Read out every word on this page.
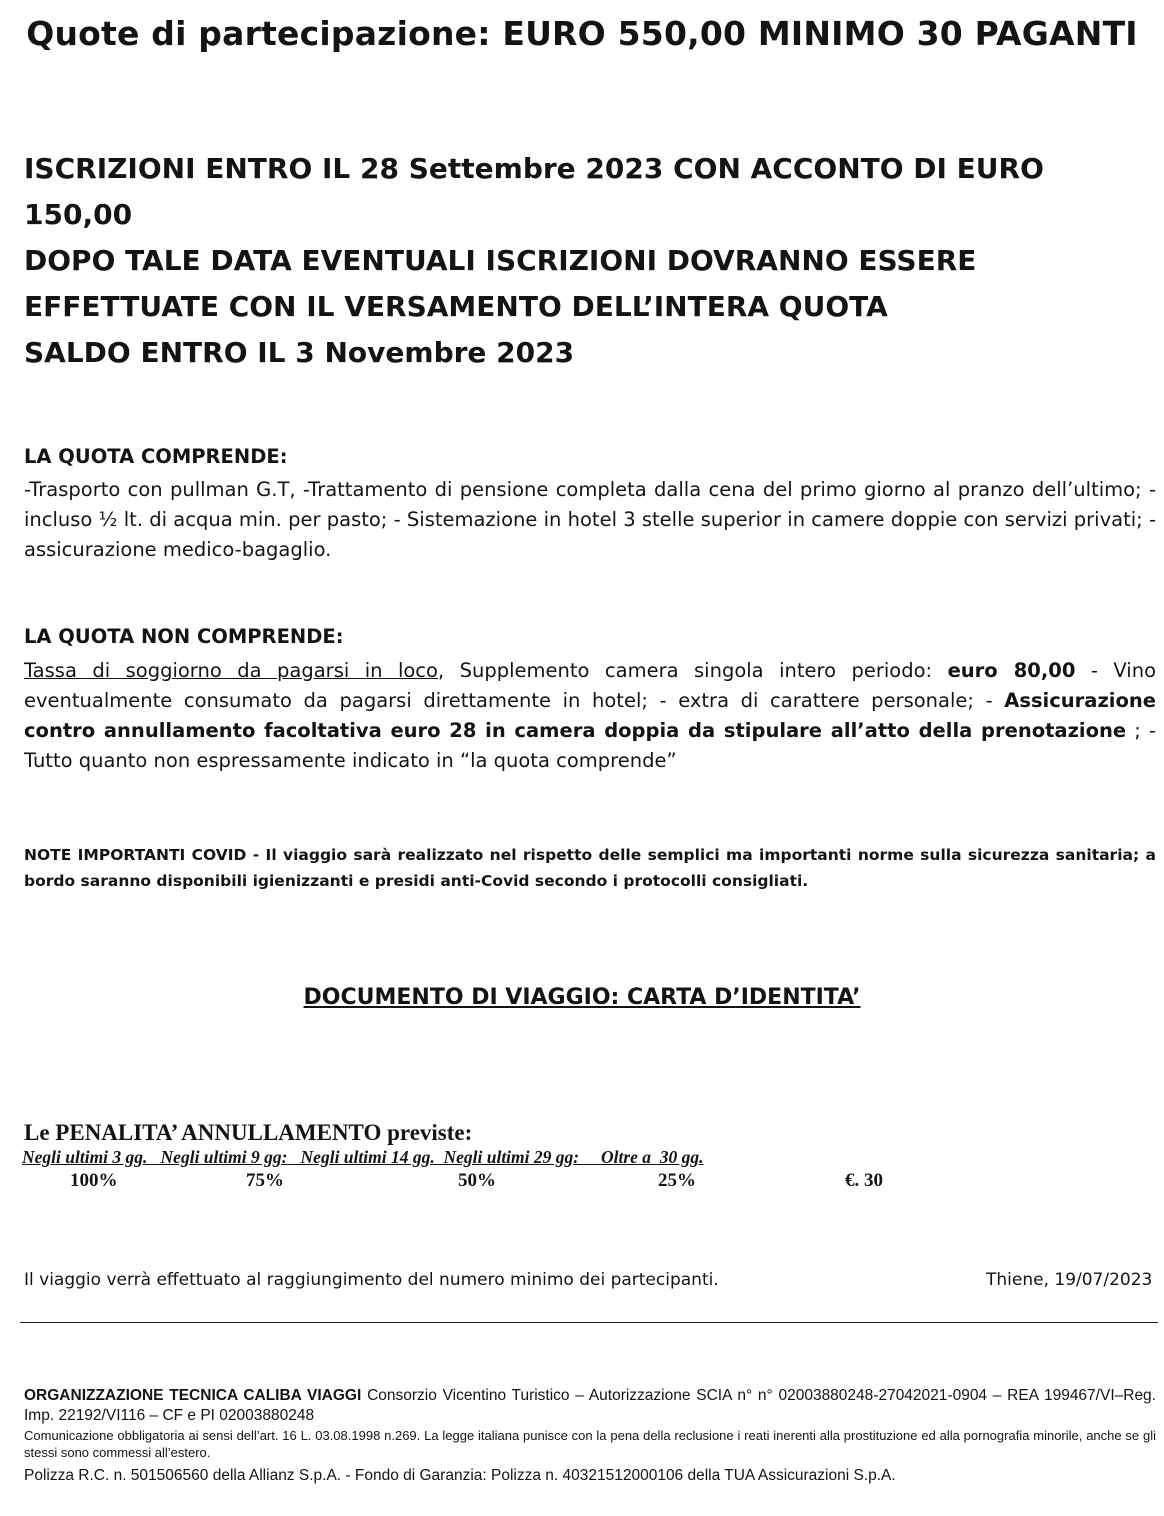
Quote di partecipazione: EURO 550,00 MINIMO 30 PAGANTI
ISCRIZIONI ENTRO IL 28 Settembre 2023 CON ACCONTO DI EURO
150,00
DOPO TALE DATA EVENTUALI ISCRIZIONI DOVRANNO ESSERE
EFFETTUATE CON IL VERSAMENTO DELL’INTERA QUOTA
SALDO ENTRO IL 3 Novembre 2023
LA QUOTA COMPRENDE:
-Trasporto con pullman G.T, -Trattamento di pensione completa dalla cena del primo giorno al pranzo dell’ultimo; -incluso ½ lt. di acqua min. per pasto; - Sistemazione in hotel 3 stelle superior in camere doppie con servizi privati; -assicurazione medico-bagaglio.
LA QUOTA NON COMPRENDE:
Tassa di soggiorno da pagarsi in loco, Supplemento camera singola intero periodo: euro 80,00 - Vino eventualmente consumato da pagarsi direttamente in hotel; - extra di carattere personale; - Assicurazione contro annullamento facoltativa euro 28 in camera doppia da stipulare all’atto della prenotazione ; - Tutto quanto non espressamente indicato in “la quota comprende”
NOTE IMPORTANTI COVID - Il viaggio sarà realizzato nel rispetto delle semplici ma importanti norme sulla sicurezza sanitaria; a bordo saranno disponibili igienizzanti e presidi anti-Covid secondo i protocolli consigliati.
DOCUMENTO DI VIAGGIO: CARTA D’IDENTITA’
Le PENALITA’ ANNULLAMENTO previste:
Negli ultimi 3 gg.   Negli ultimi 9 gg:   Negli ultimi 14 gg.  Negli ultimi 29 gg:     Oltre a  30 gg.
100%	75%	50%	25%	€. 30
Il viaggio verrà effettuato al raggiungimento del numero minimo dei partecipanti.	Thiene, 19/07/2023
ORGANIZZAZIONE TECNICA CALIBA VIAGGI Consorzio Vicentino Turistico – Autorizzazione SCIA n° n° 02003880248-27042021-0904 – REA 199467/VI–Reg. Imp. 22192/VI116 – CF e PI 02003880248
Comunicazione obbligatoria ai sensi dell’art. 16 L. 03.08.1998 n.269. La legge italiana punisce con la pena della reclusione i reati inerenti alla prostituzione ed alla pornografia minorile, anche se gli stessi sono commessi all’estero.
Polizza R.C. n. 501506560 della Allianz S.p.A. - Fondo di Garanzia: Polizza n. 40321512000106 della TUA Assicurazioni S.p.A.
